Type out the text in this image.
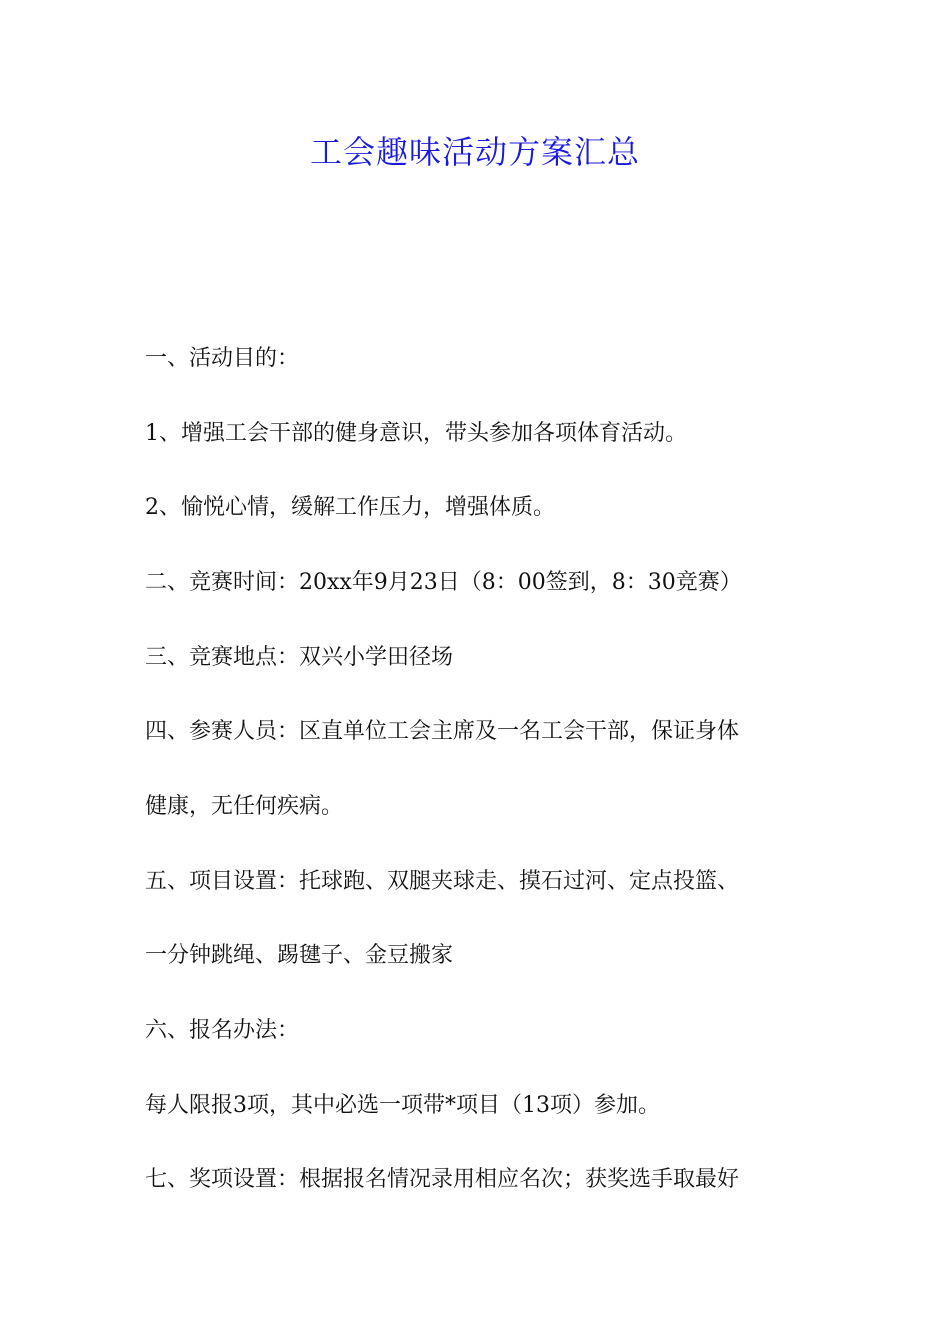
工会趣味活动方案汇总

一、活动目的：

1、增强工会干部的健身意识，带头参加各项体育活动。

2、愉悦心情，缓解工作压力，增强体质。

二、竞赛时间：20xx年9月23日（8：00签到，8：30竞赛）

三、竞赛地点：双兴小学田径场

四、参赛人员：区直单位工会主席及一名工会干部，保证身体

健康，无任何疾病。

五、项目设置：托球跑、双腿夹球走、摸石过河、定点投篮、

一分钟跳绳、踢毽子、金豆搬家

六、报名办法：

每人限报3项，其中必选一项带*项目（13项）参加。

七、奖项设置：根据报名情况录用相应名次；获奖选手取最好
